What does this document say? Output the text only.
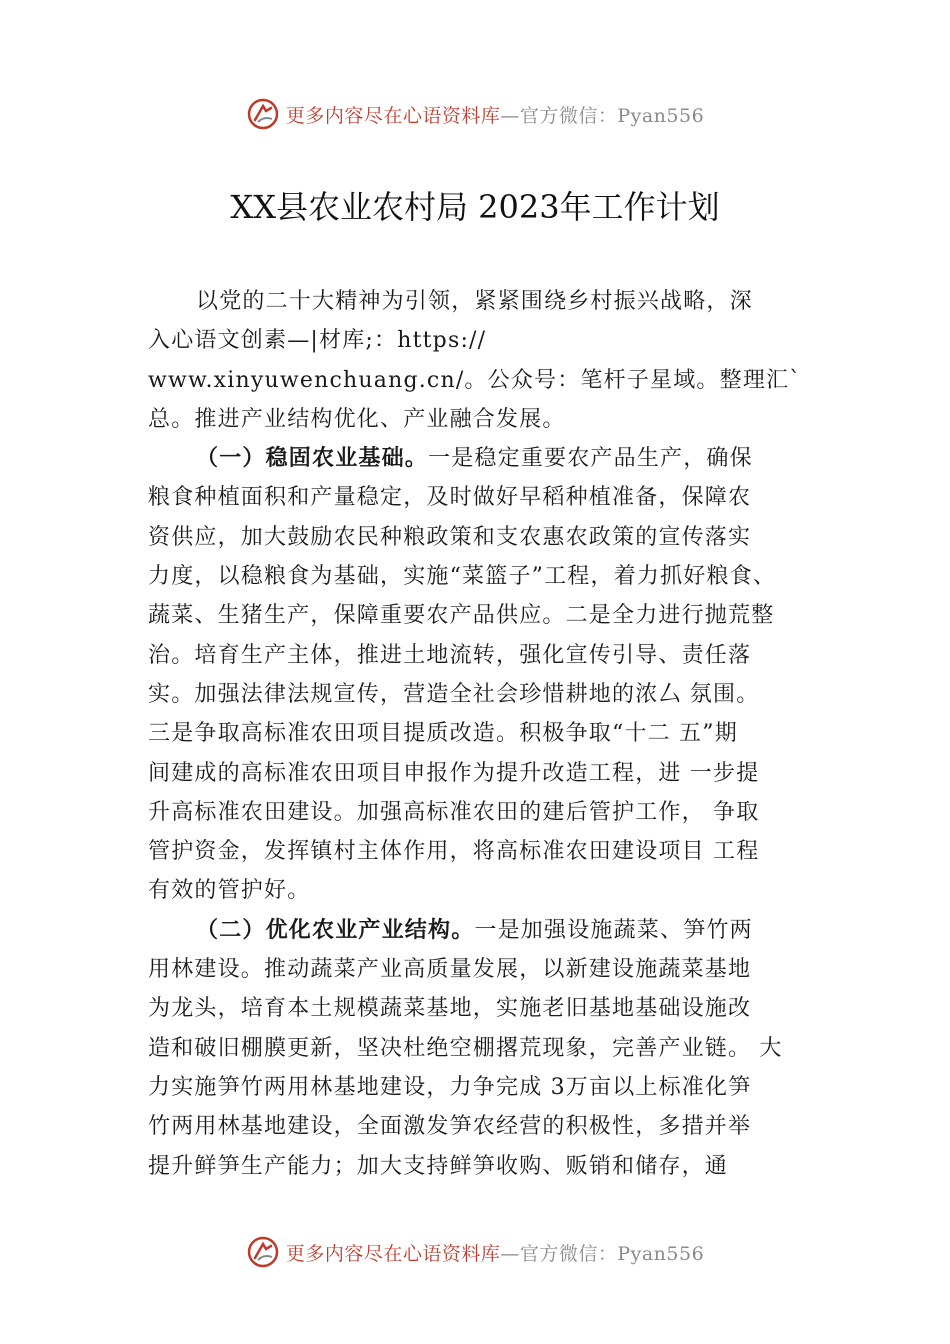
更多内容尽在心语资料库—官方微信：Pyan556
XX县农业农村局 2023年工作计划
以党的二十大精神为引领，紧紧围绕乡村振兴战略，深
入心语文创素—|材库;：https://
www.xinyuwenchuang.cn/。公众号：笔杆子星域。整理汇`
总。推进产业结构优化、产业融合发展。
（一）稳固农业基础。一是稳定重要农产品生产，确保
粮食种植面积和产量稳定，及时做好早稻种植准备，保障农
资供应，加大鼓励农民种粮政策和支农惠农政策的宣传落实
力度，以稳粮食为基础，实施“菜篮子”工程，着力抓好粮食、
蔬菜、生猪生产，保障重要农产品供应。二是全力进行抛荒整
治。培育生产主体，推进土地流转，强化宣传引导、责任落
实。加强法律法规宣传，营造全社会珍惜耕地的浓厶 氛围。
三是争取高标准农田项目提质改造。积极争取“十二 五”期
间建成的高标准农田项目申报作为提升改造工程，进 一步提
升高标准农田建设。加强高标准农田的建后管护工作， 争取
管护资金，发挥镇村主体作用，将高标准农田建设项目 工程
有效的管护好。
（二）优化农业产业结构。一是加强设施蔬菜、笋竹两
用林建设。推动蔬菜产业高质量发展，以新建设施蔬菜基地
为龙头，培育本土规模蔬菜基地，实施老旧基地基础设施改
造和破旧棚膜更新，坚决杜绝空棚撂荒现象，完善产业链。 大
力实施笋竹两用林基地建设，力争完成 3万亩以上标准化笋
竹两用林基地建设，全面激发笋农经营的积极性，多措并举
提升鲜笋生产能力；加大支持鲜笋收购、贩销和储存，通
更多内容尽在心语资料库—官方微信：Pyan556
